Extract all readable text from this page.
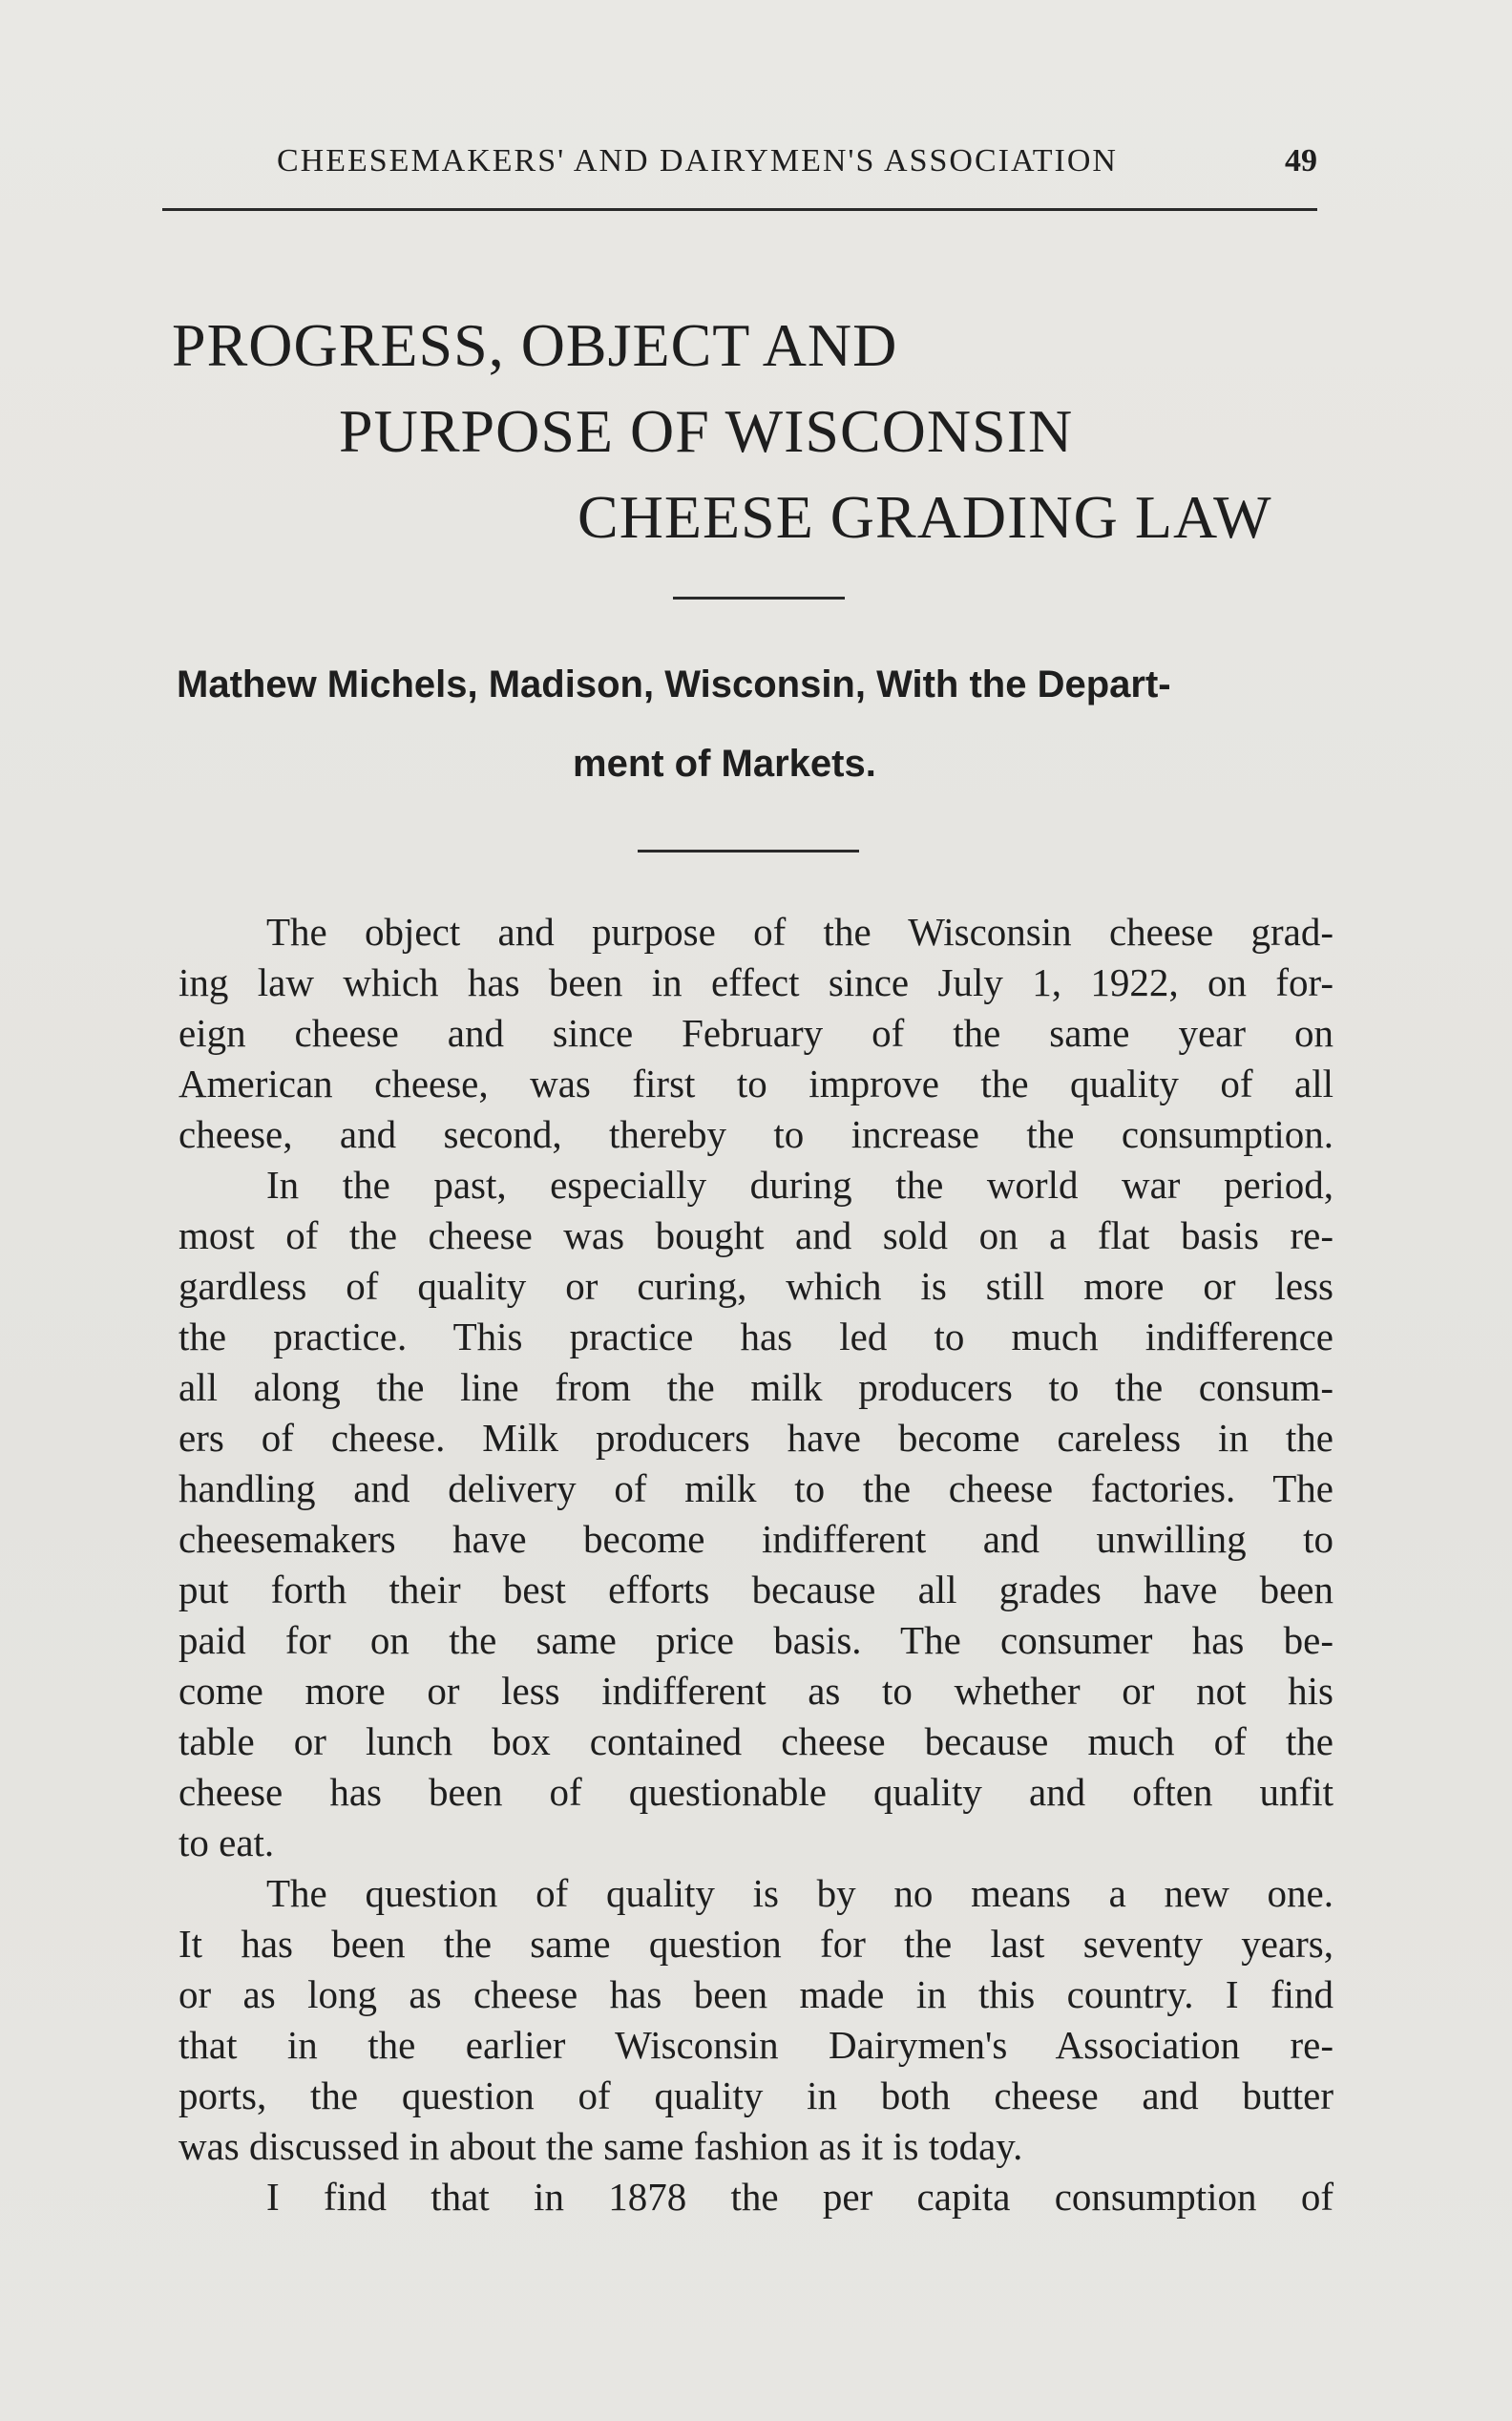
CHEESEMAKERS' AND DAIRYMEN'S ASSOCIATION	49
PROGRESS, OBJECT AND
PURPOSE OF WISCONSIN
CHEESE GRADING LAW
Mathew Michels, Madison, Wisconsin, With the Depart-
ment of Markets.
The object and purpose of the Wisconsin cheese grad-
ing law which has been in effect since July 1, 1922, on for-
eign cheese and since February of the same year on
American cheese, was first to improve the quality of all
cheese, and second, thereby to increase the consumption.
In the past, especially during the world war period,
most of the cheese was bought and sold on a flat basis re-
gardless of quality or curing, which is still more or less
the practice. This practice has led to much indifference
all along the line from the milk producers to the consum-
ers of cheese. Milk producers have become careless in the
handling and delivery of milk to the cheese factories. The
cheesemakers have become indifferent and unwilling to
put forth their best efforts because all grades have been
paid for on the same price basis. The consumer has be-
come more or less indifferent as to whether or not his
table or lunch box contained cheese because much of the
cheese has been of questionable quality and often unfit
to eat.
The question of quality is by no means a new one.
It has been the same question for the last seventy years,
or as long as cheese has been made in this country. I find
that in the earlier Wisconsin Dairymen's Association re-
ports, the question of quality in both cheese and butter
was discussed in about the same fashion as it is today.
I find that in 1878 the per capita consumption of
